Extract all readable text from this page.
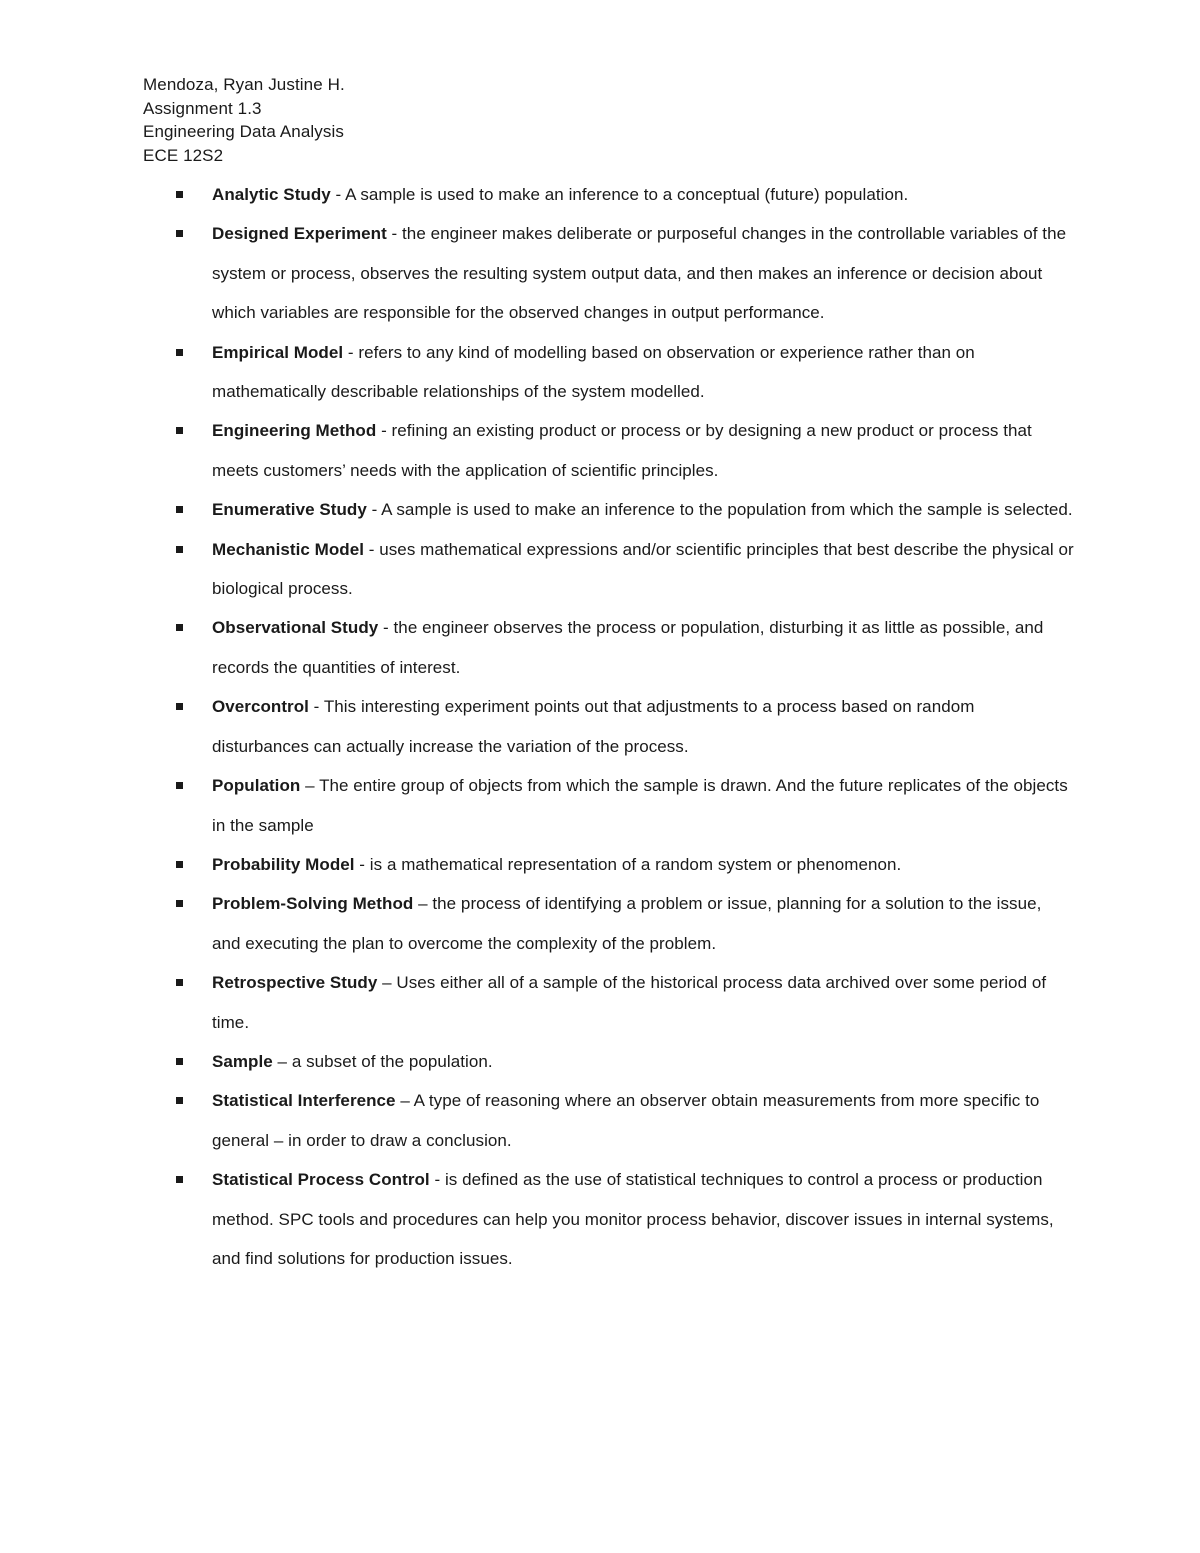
Mendoza, Ryan Justine H.
Assignment 1.3
Engineering Data Analysis
ECE 12S2
Analytic Study - A sample is used to make an inference to a conceptual (future) population.
Designed Experiment - the engineer makes deliberate or purposeful changes in the controllable variables of the system or process, observes the resulting system output data, and then makes an inference or decision about which variables are responsible for the observed changes in output performance.
Empirical Model - refers to any kind of modelling based on observation or experience rather than on mathematically describable relationships of the system modelled.
Engineering Method - refining an existing product or process or by designing a new product or process that meets customers’ needs with the application of scientific principles.
Enumerative Study - A sample is used to make an inference to the population from which the sample is selected.
Mechanistic Model - uses mathematical expressions and/or scientific principles that best describe the physical or biological process.
Observational Study - the engineer observes the process or population, disturbing it as little as possible, and records the quantities of interest.
Overcontrol - This interesting experiment points out that adjustments to a process based on random disturbances can actually increase the variation of the process.
Population – The entire group of objects from which the sample is drawn. And the future replicates of the objects in the sample
Probability Model - is a mathematical representation of a random system or phenomenon.
Problem-Solving Method – the process of identifying a problem or issue, planning for a solution to the issue, and executing the plan to overcome the complexity of the problem.
Retrospective Study – Uses either all of a sample of the historical process data archived over some period of time.
Sample – a subset of the population.
Statistical Interference – A type of reasoning where an observer obtain measurements from more specific to general – in order to draw a conclusion.
Statistical Process Control - is defined as the use of statistical techniques to control a process or production method. SPC tools and procedures can help you monitor process behavior, discover issues in internal systems, and find solutions for production issues.
